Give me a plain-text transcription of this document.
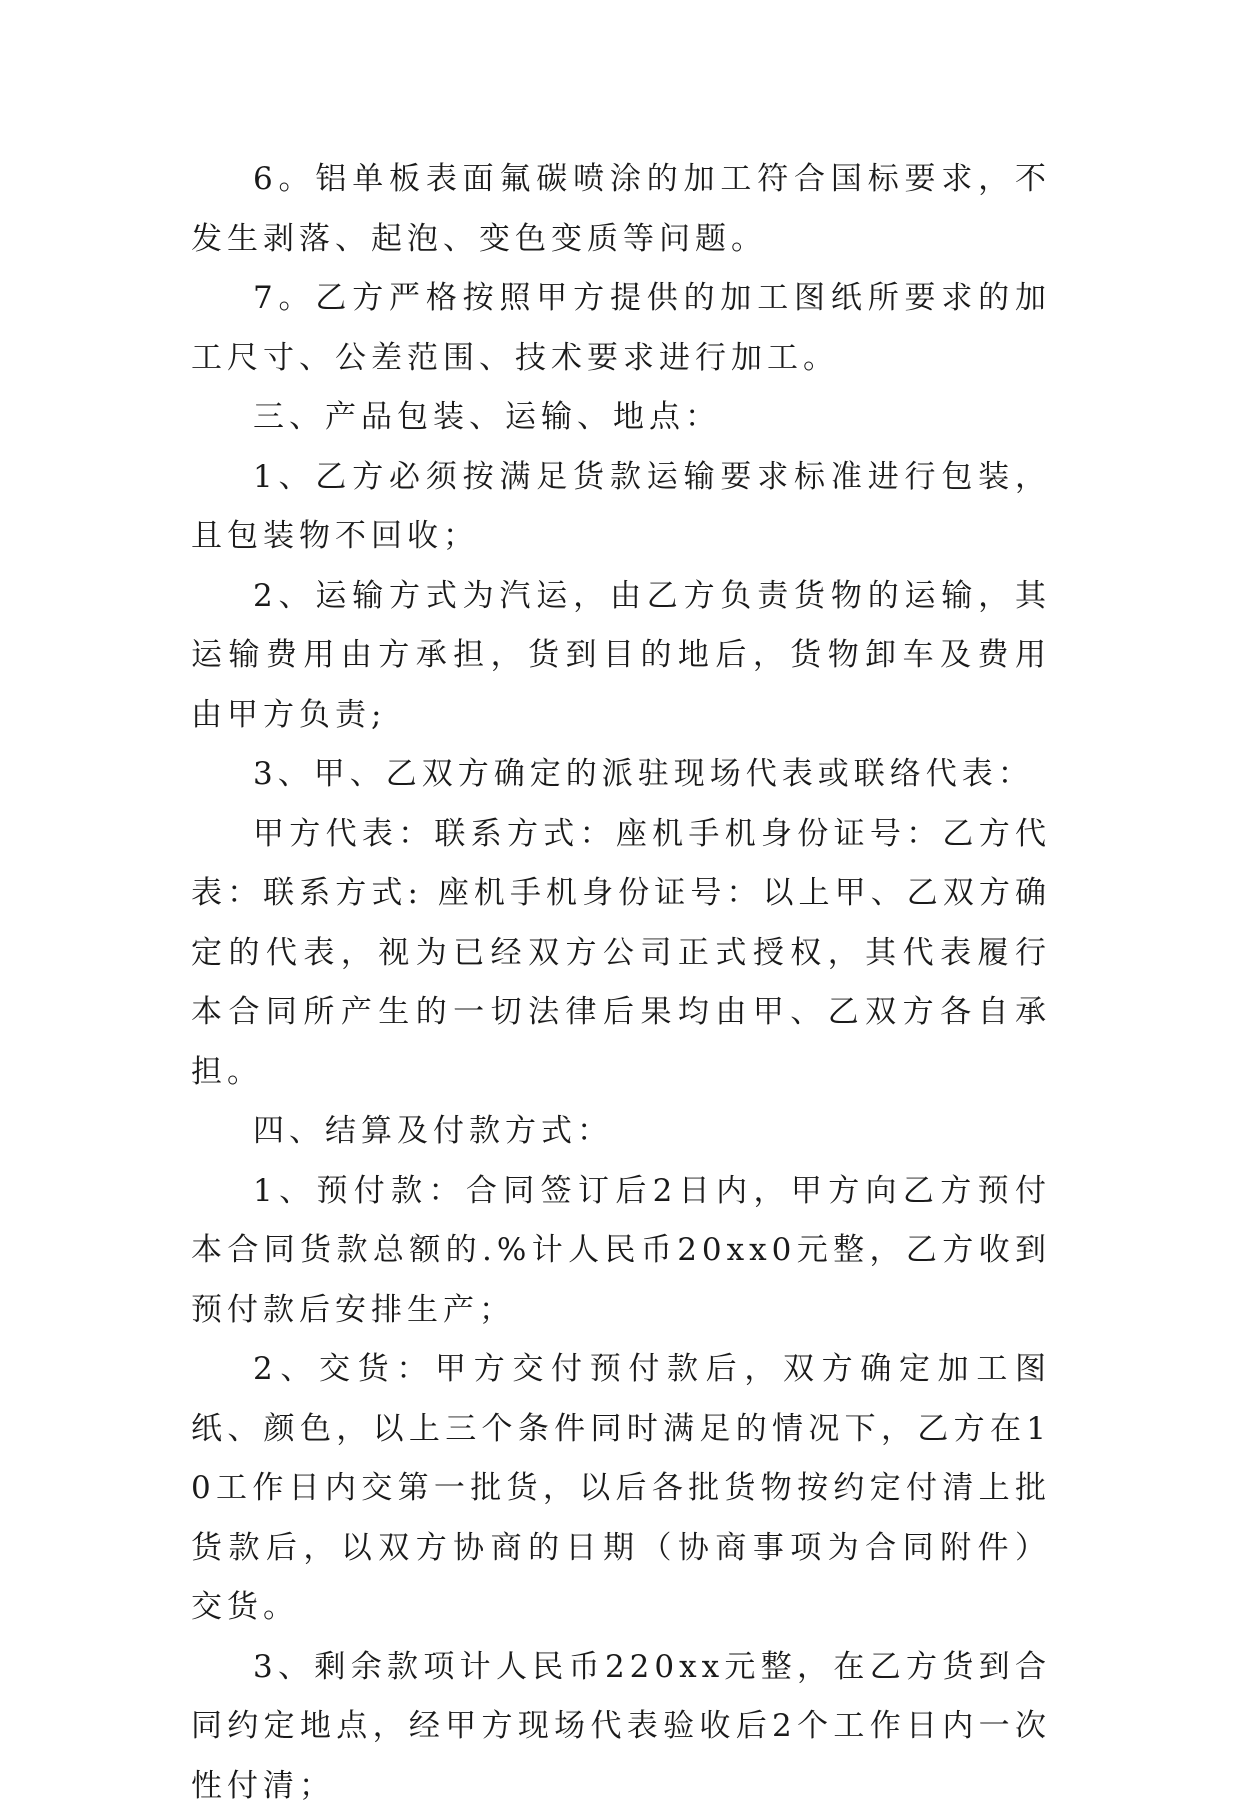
6。铝单板表面氟碳喷涂的加工符合国标要求，不发生剥落、起泡、变色变质等问题。

7。乙方严格按照甲方提供的加工图纸所要求的加工尺寸、公差范围、技术要求进行加工。

三、产品包装、运输、地点：

1、乙方必须按满足货款运输要求标准进行包装，且包装物不回收；

2、运输方式为汽运，由乙方负责货物的运输，其运输费用由方承担，货到目的地后，货物卸车及费用由甲方负责;

3、甲、乙双方确定的派驻现场代表或联络代表：

甲方代表：联系方式：座机手机身份证号：乙方代表：联系方式: 座机手机身份证号：以上甲、乙双方确定的代表，视为已经双方公司正式授权，其代表履行本合同所产生的一切法律后果均由甲、乙双方各自承担。

四、结算及付款方式：

1、预付款：合同签订后2日内，甲方向乙方预付本合同货款总额的.%计人民币20xx0元整，乙方收到预付款后安排生产；

2、交货：甲方交付预付款后，双方确定加工图纸、颜色，以上三个条件同时满足的情况下，乙方在10工作日内交第一批货，以后各批货物按约定付清上批货款后，以双方协商的日期（协商事项为合同附件）交货。

3、剩余款项计人民币220xx元整，在乙方货到合同约定地点，经甲方现场代表验收后2个工作日内一次性付清；
